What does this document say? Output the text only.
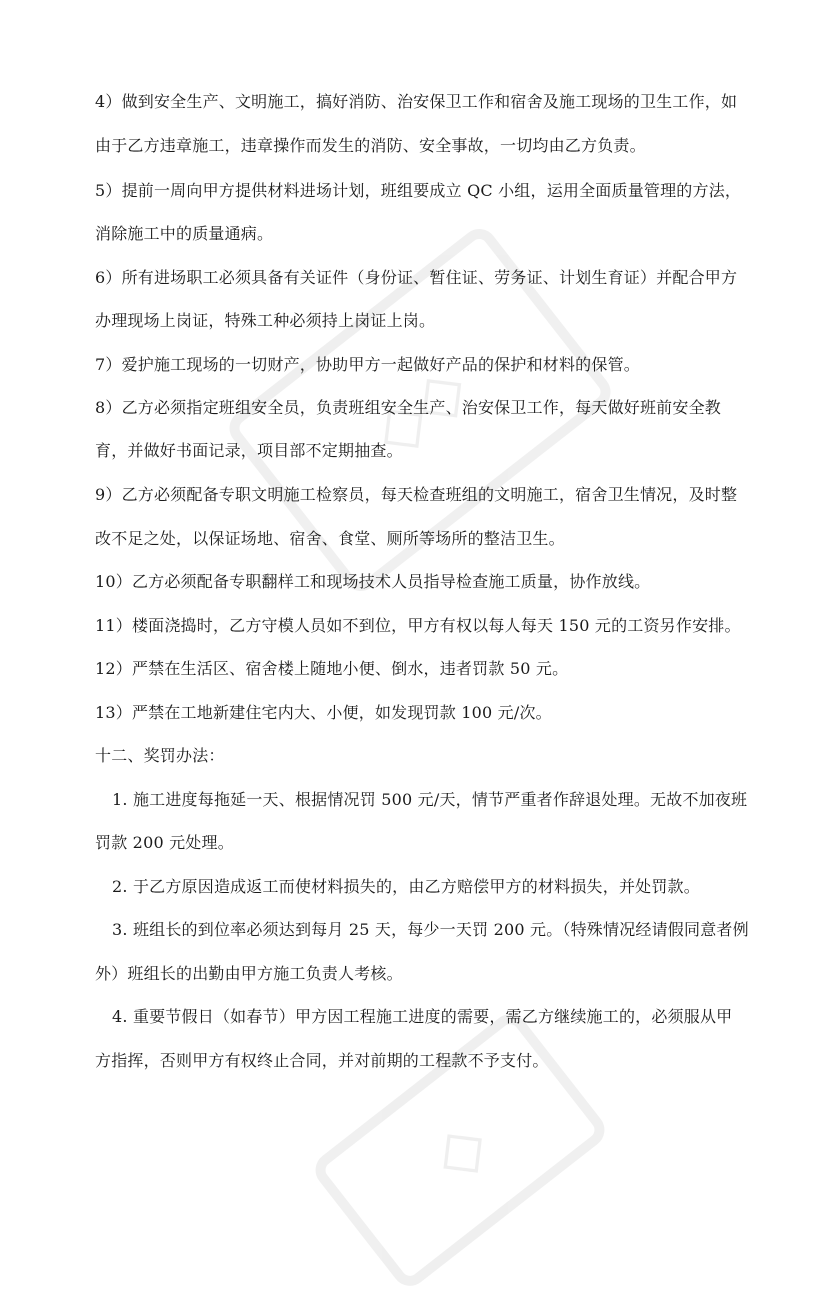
◇◇
◇
4）做到安全生产、文明施工，搞好消防、治安保卫工作和宿舍及施工现场的卫生工作，如
由于乙方违章施工，违章操作而发生的消防、安全事故，一切均由乙方负责。
5）提前一周向甲方提供材料进场计划，班组要成立 QC 小组，运用全面质量管理的方法，
消除施工中的质量通病。
6）所有进场职工必须具备有关证件（身份证、暂住证、劳务证、计划生育证）并配合甲方
办理现场上岗证，特殊工种必须持上岗证上岗。
7）爱护施工现场的一切财产，协助甲方一起做好产品的保护和材料的保管。
8）乙方必须指定班组安全员，负责班组安全生产、治安保卫工作，每天做好班前安全教
育，并做好书面记录，项目部不定期抽查。
9）乙方必须配备专职文明施工检察员，每天检查班组的文明施工，宿舍卫生情况，及时整
改不足之处，以保证场地、宿舍、食堂、厕所等场所的整洁卫生。
10）乙方必须配备专职翻样工和现场技术人员指导检查施工质量，协作放线。
11）楼面浇捣时，乙方守模人员如不到位，甲方有权以每人每天 150 元的工资另作安排。
12）严禁在生活区、宿舍楼上随地小便、倒水，违者罚款 50 元。
13）严禁在工地新建住宅内大、小便，如发现罚款 100 元/次。
十二、奖罚办法：
1. 施工进度每拖延一天、根据情况罚 500 元/天，情节严重者作辞退处理。无故不加夜班
罚款 200 元处理。
2. 于乙方原因造成返工而使材料损失的，由乙方赔偿甲方的材料损失，并处罚款。
3. 班组长的到位率必须达到每月 25 天，每少一天罚 200 元。（特殊情况经请假同意者例
外）班组长的出勤由甲方施工负责人考核。
4. 重要节假日（如春节）甲方因工程施工进度的需要，需乙方继续施工的，必须服从甲
方指挥，否则甲方有权终止合同，并对前期的工程款不予支付。
